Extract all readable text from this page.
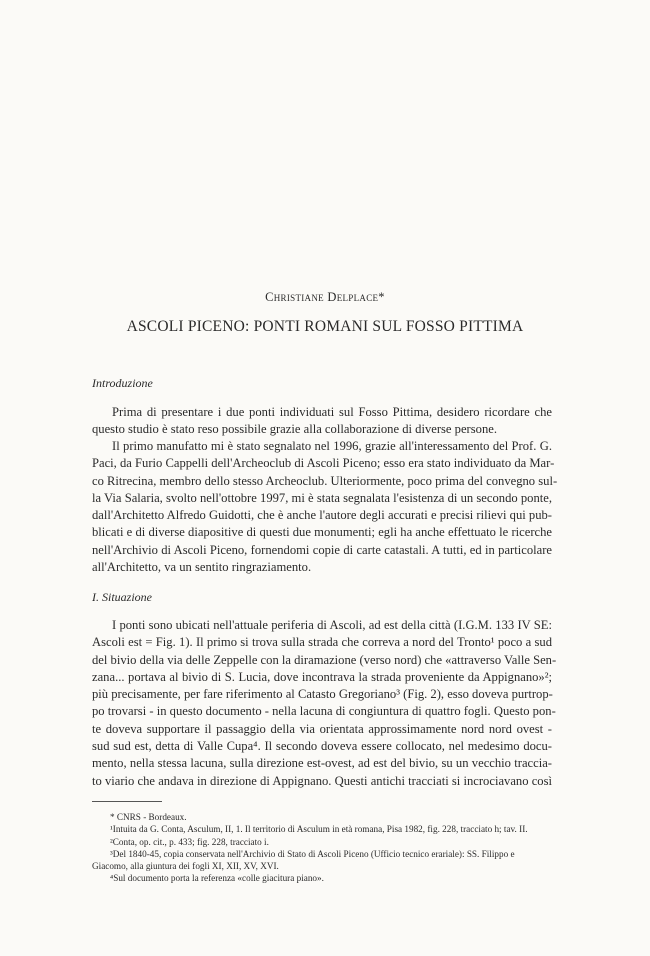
Christiane Delplace*
ASCOLI PICENO: PONTI ROMANI SUL FOSSO PITTIMA
Introduzione

Prima di presentare i due ponti individuati sul Fosso Pittima, desidero ricordare che
questo studio è stato reso possibile grazie alla collaborazione di diverse persone.

Il primo manufatto mi è stato segnalato nel 1996, grazie all'interessamento del Prof. G.
Paci, da Furio Cappelli dell'Archeoclub di Ascoli Piceno; esso era stato individuato da Mar-
co Ritrecina, membro dello stesso Archeoclub. Ulteriormente, poco prima del convegno sul-
la Via Salaria, svolto nell'ottobre 1997, mi è stata segnalata l'esistenza di un secondo ponte,
dall'Architetto Alfredo Guidotti, che è anche l'autore degli accurati e precisi rilievi qui pub-
blicati e di diverse diapositive di questi due monumenti; egli ha anche effettuato le ricerche
nell'Archivio di Ascoli Piceno, fornendomi copie di carte catastali. A tutti, ed in particolare
all'Architetto, va un sentito ringraziamento.

I. Situazione

I ponti sono ubicati nell'attuale periferia di Ascoli, ad est della città (I.G.M. 133 IV SE:
Ascoli est = Fig. 1). Il primo si trova sulla strada che correva a nord del Tronto¹ poco a sud
del bivio della via delle Zeppelle con la diramazione (verso nord) che «attraverso Valle Sen-
zana... portava al bivio di S. Lucia, dove incontrava la strada proveniente da Appignano»²;
più precisamente, per fare riferimento al Catasto Gregoriano³ (Fig. 2), esso doveva purtrop-
po trovarsi - in questo documento - nella lacuna di congiuntura di quattro fogli. Questo pon-
te doveva supportare il passaggio della via orientata approssimamente nord nord ovest -
sud sud est, detta di Valle Cupa⁴. Il secondo doveva essere collocato, nel medesimo docu-
mento, nella stessa lacuna, sulla direzione est-ovest, ad est del bivio, su un vecchio traccia-
to viario che andava in direzione di Appignano. Questi antichi tracciati si incrociavano così

* CNRS - Bordeaux.
¹Intuita da G. Conta, Asculum, II, 1. Il territorio di Asculum in età romana, Pisa 1982, fig. 228, tracciato h; tav. II.
²Conta, op. cit., p. 433; fig. 228, tracciato i.
³Del 1840-45, copia conservata nell'Archivio di Stato di Ascoli Piceno (Ufficio tecnico erariale): SS. Filippo e
Giacomo, alla giuntura dei fogli XI, XII, XV, XVI.
⁴Sul documento porta la referenza «colle giacitura piano».
